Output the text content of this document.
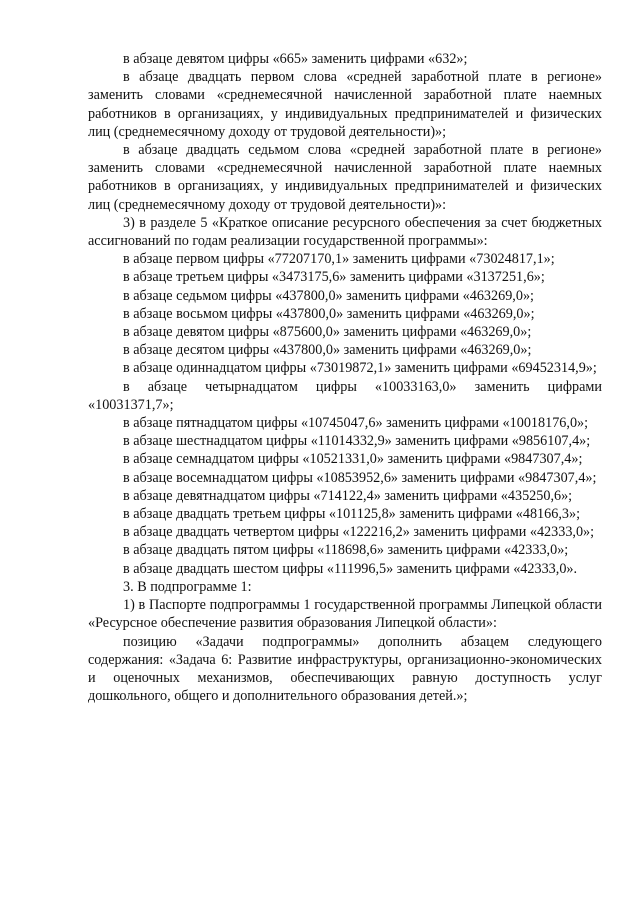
в абзаце девятом цифры «665» заменить цифрами «632»;

в абзаце двадцать первом слова «средней заработной плате в регионе» заменить словами «среднемесячной начисленной заработной плате наемных работников в организациях, у индивидуальных предпринимателей и физических лиц (среднемесячному доходу от трудовой деятельности)»;

в абзаце двадцать седьмом слова «средней заработной плате в регионе» заменить словами «среднемесячной начисленной заработной плате наемных работников в организациях, у индивидуальных предпринимателей и физических лиц (среднемесячному доходу от трудовой деятельности)»:

3) в разделе 5 «Краткое описание ресурсного обеспечения за счет бюджетных ассигнований по годам реализации государственной программы»:

в абзаце первом цифры «77207170,1» заменить цифрами «73024817,1»;

в абзаце третьем цифры «3473175,6» заменить цифрами «3137251,6»;

в абзаце седьмом цифры «437800,0» заменить цифрами «463269,0»;

в абзаце восьмом цифры «437800,0» заменить цифрами «463269,0»;

в абзаце девятом цифры «875600,0» заменить цифрами «463269,0»;

в абзаце десятом цифры «437800,0» заменить цифрами «463269,0»;

в абзаце одиннадцатом цифры «73019872,1» заменить цифрами «69452314,9»;

в абзаце четырнадцатом цифры «10033163,0» заменить цифрами «10031371,7»;

в абзаце пятнадцатом цифры «10745047,6» заменить цифрами «10018176,0»;

в абзаце шестнадцатом цифры «11014332,9» заменить цифрами «9856107,4»;

в абзаце семнадцатом цифры «10521331,0» заменить цифрами «9847307,4»;

в абзаце восемнадцатом цифры «10853952,6» заменить цифрами «9847307,4»;

в абзаце девятнадцатом цифры «714122,4» заменить цифрами «435250,6»;

в абзаце двадцать третьем цифры «101125,8» заменить цифрами «48166,3»;

в абзаце двадцать четвертом цифры «122216,2» заменить цифрами «42333,0»;

в абзаце двадцать пятом цифры «118698,6» заменить цифрами «42333,0»;

в абзаце двадцать шестом цифры «111996,5» заменить цифрами «42333,0».

3. В подпрограмме 1:

1) в Паспорте подпрограммы 1 государственной программы Липецкой области «Ресурсное обеспечение развития образования Липецкой области»:

позицию «Задачи подпрограммы» дополнить абзацем следующего содержания: «Задача 6: Развитие инфраструктуры, организационно-экономических и оценочных механизмов, обеспечивающих равную доступность услуг дошкольного, общего и дополнительного образования детей.»;
